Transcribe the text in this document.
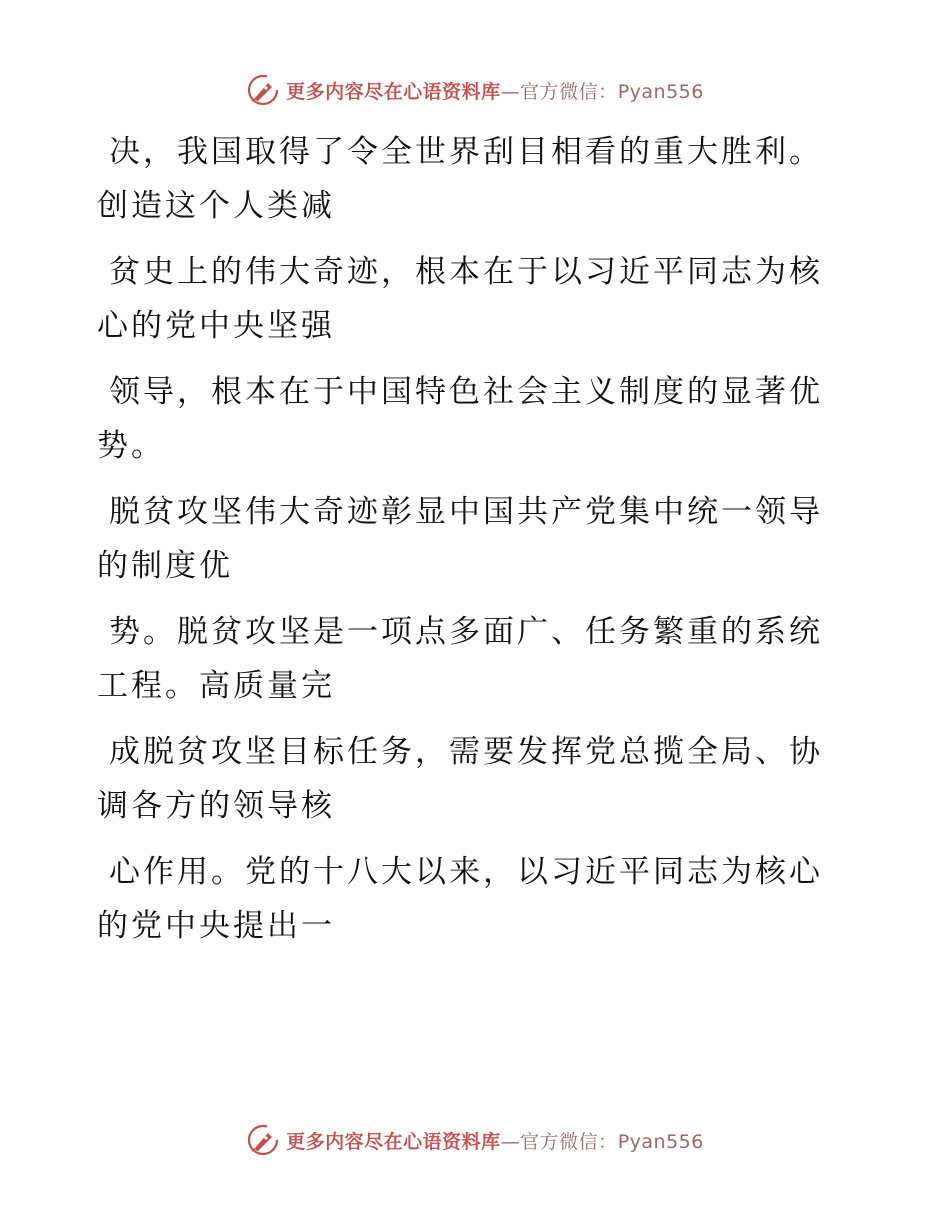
更多内容尽在心语资料库—官方微信：Pyan556

决，我国取得了令全世界刮目相看的重大胜利。
创造这个人类减

贫史上的伟大奇迹，根本在于以习近平同志为核
心的党中央坚强

领导，根本在于中国特色社会主义制度的显著优
势。

脱贫攻坚伟大奇迹彰显中国共产党集中统一领导
的制度优

势。脱贫攻坚是一项点多面广、任务繁重的系统
工程。高质量完

成脱贫攻坚目标任务，需要发挥党总揽全局、协
调各方的领导核

心作用。党的十八大以来，以习近平同志为核心
的党中央提出一

更多内容尽在心语资料库—官方微信：Pyan556
